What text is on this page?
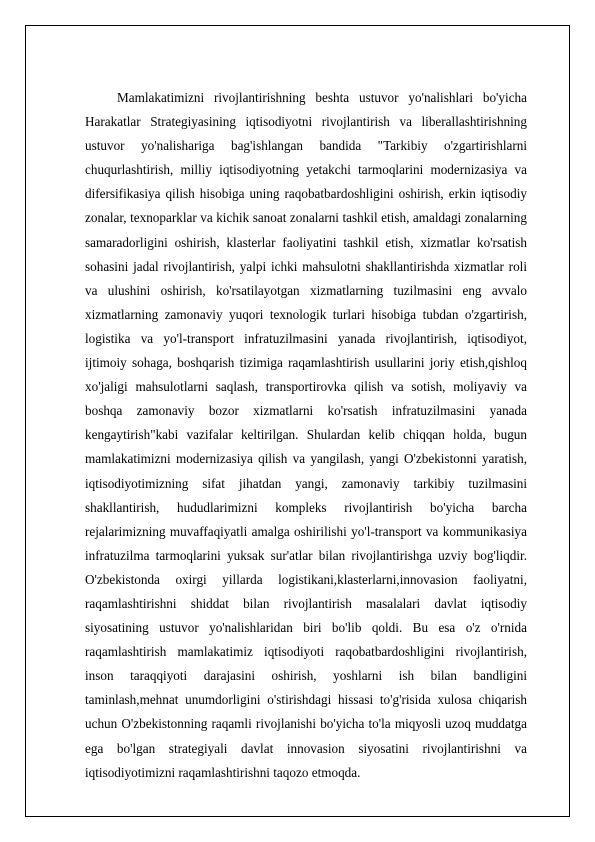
Mamlakatimizni rivojlantirishning beshta ustuvor yo'nalishlari bo'yicha Harakatlar Strategiyasining iqtisodiyotni rivojlantirish va liberallashtirishning ustuvor yo'nalishariga bag'ishlangan bandida "Tarkibiy o'zgartirishlarni chuqurlashtirish, milliy iqtisodiyotning yetakchi tarmoqlarini modernizasiya va difersifikasiya qilish hisobiga uning raqobatbardoshligini oshirish, erkin iqtisodiy zonalar, texnoparklar va kichik sanoat zonalarni tashkil etish, amaldagi zonalarning samaradorligini oshirish, klasterlar faoliyatini tashkil etish, xizmatlar ko'rsatish sohasini jadal rivojlantirish, yalpi ichki mahsulotni shakllantirishda xizmatlar roli va ulushini oshirish, ko'rsatilayotgan xizmatlarning tuzilmasini eng avvalo xizmatlarning zamonaviy yuqori texnologik turlari hisobiga tubdan o'zgartirish, logistika va yo'l-transport infratuzilmasini yanada rivojlantirish, iqtisodiyot, ijtimoiy sohaga, boshqarish tizimiga raqamlashtirish usullarini joriy etish,qishloq xo'jaligi mahsulotlarni saqlash, transportirovka qilish va sotish, moliyaviy va boshqa zamonaviy bozor xizmatlarni ko'rsatish infratuzilmasini yanada kengaytirish"kabi vazifalar keltirilgan. Shulardan kelib chiqqan holda, bugun mamlakatimizni modernizasiya qilish va yangilash, yangi O'zbekistonni yaratish, iqtisodiyotimizning sifat jihatdan yangi, zamonaviy tarkibiy tuzilmasini shakllantirish, hududlarimizni kompleks rivojlantirish bo'yicha barcha rejalarimizning muvaffaqiyatli amalga oshirilishi yo'l-transport va kommunikasiya infratuzilma tarmoqlarini yuksak sur'atlar bilan rivojlantirishga uzviy bog'liqdir. O'zbekistonda oxirgi yillarda logistikani,klasterlarni,innovasion faoliyatni, raqamlashtirishni shiddat bilan rivojlantirish masalalari davlat iqtisodiy siyosatining ustuvor yo'nalishlaridan biri bo'lib qoldi. Bu esa o'z o'rnida raqamlashtirish mamlakatimiz iqtisodiyoti raqobatbardoshligini rivojlantirish, inson taraqqiyoti darajasini oshirish, yoshlarni ish bilan bandligini taminlash,mehnat unumdorligini o'stirishdagi hissasi to'g'risida xulosa chiqarish uchun O'zbekistonning raqamli rivojlanishi bo'yicha to'la miqyosli uzoq muddatga ega bo'lgan strategiyali davlat innovasion siyosatini rivojlantirishni va iqtisodiyotimizni raqamlashtirishni taqozo etmoqda.
